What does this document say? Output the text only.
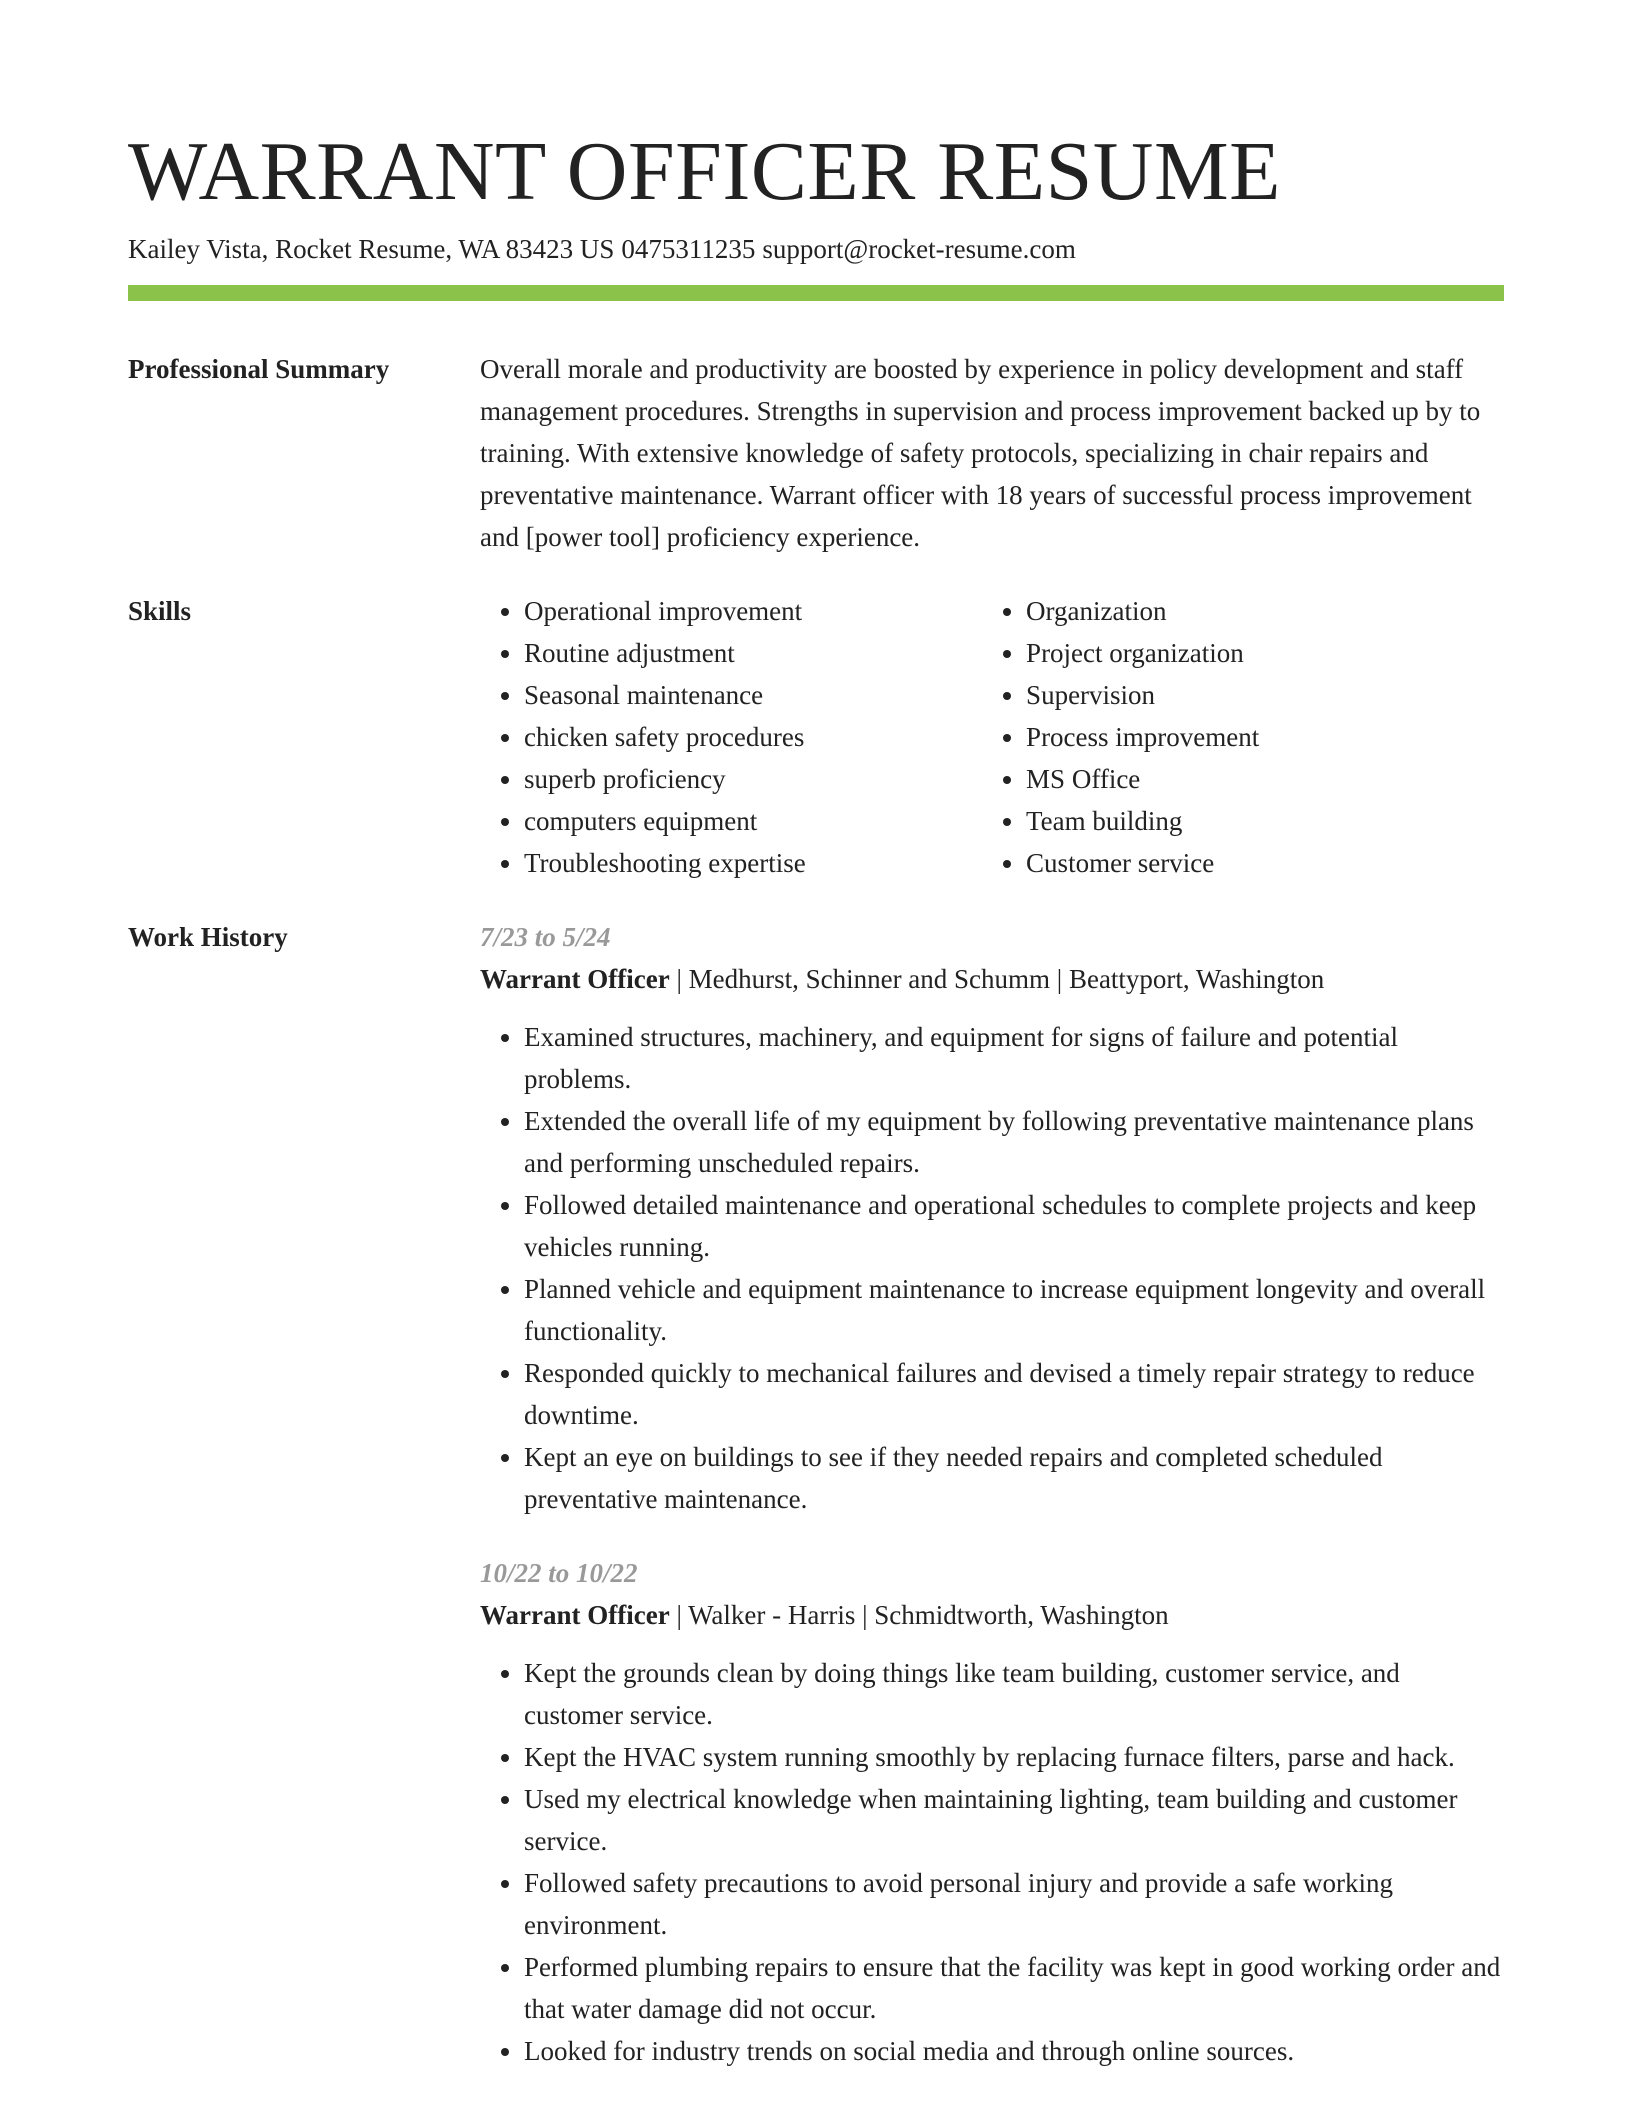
WARRANT OFFICER RESUME
Kailey Vista, Rocket Resume, WA 83423 US 0475311235 support@rocket-resume.com
Professional Summary	Overall morale and productivity are boosted by experience in policy development and staff management procedures. Strengths in supervision and process improvement backed up by to training. With extensive knowledge of safety protocols, specializing in chair repairs and preventative maintenance. Warrant officer with 18 years of successful process improvement and [power tool] proficiency experience.

Skills
•	Operational improvement
• Routine adjustment
• Seasonal maintenance
• chicken safety procedures
• superb proficiency
• computers equipment
• Troubleshooting expertise
• Organization
• Project organization
• Supervision
• Process improvement
• MS Office
• Team building
• Customer service
Work History	7/23 to 5/24
Warrant Officer | Medhurst, Schinner and Schumm | Beattyport, Washington
• Examined structures, machinery, and equipment for signs of failure and potential problems.
• Extended the overall life of my equipment by following preventative maintenance plans and performing unscheduled repairs.
• Followed detailed maintenance and operational schedules to complete projects and keep vehicles running.
• Planned vehicle and equipment maintenance to increase equipment longevity and overall functionality.
• Responded quickly to mechanical failures and devised a timely repair strategy to reduce downtime.
• Kept an eye on buildings to see if they needed repairs and completed scheduled preventative maintenance.
10/22 to 10/22
Warrant Officer | Walker - Harris | Schmidtworth, Washington
• Kept the grounds clean by doing things like team building, customer service, and customer service.
• Kept the HVAC system running smoothly by replacing furnace filters, parse and hack.
• Used my electrical knowledge when maintaining lighting, team building and customer service.
• Followed safety precautions to avoid personal injury and provide a safe working environment.
• Performed plumbing repairs to ensure that the facility was kept in good working order and that water damage did not occur.
• Looked for industry trends on social media and through online sources.
